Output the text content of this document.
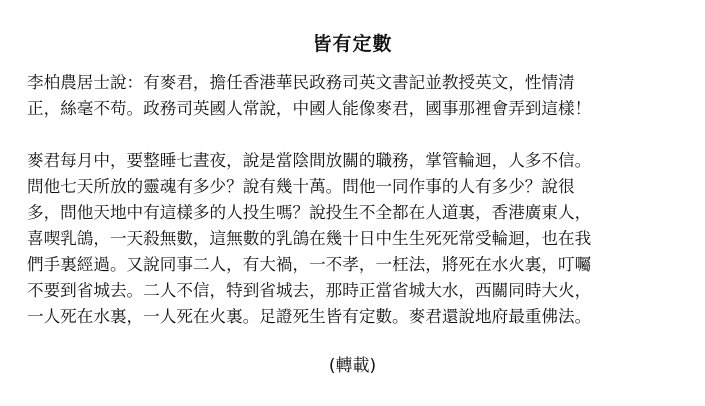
皆有定數

李柏農居士說：有麥君，擔任香港華民政務司英文書記並教授英文，性情清
正，絲毫不苟。政務司英國人常說，中國人能像麥君，國事那裡會弄到這樣！

麥君每月中，要整睡七晝夜，說是當陰間放關的職務，掌管輪迴，人多不信。
問他七天所放的靈魂有多少？說有幾十萬。問他一同作事的人有多少？說很
多，問他天地中有這樣多的人投生嗎？說投生不全都在人道裏，香港廣東人，
喜喫乳鴿，一天殺無數，這無數的乳鴿在幾十日中生生死死常受輪迴，也在我
們手裏經過。又說同事二人，有大禍，一不孝，一枉法，將死在水火裏，叮囑
不要到省城去。二人不信，特到省城去，那時正當省城大水，西關同時大火，
一人死在水裏，一人死在火裏。足證死生皆有定數。麥君還說地府最重佛法。

(轉載)
